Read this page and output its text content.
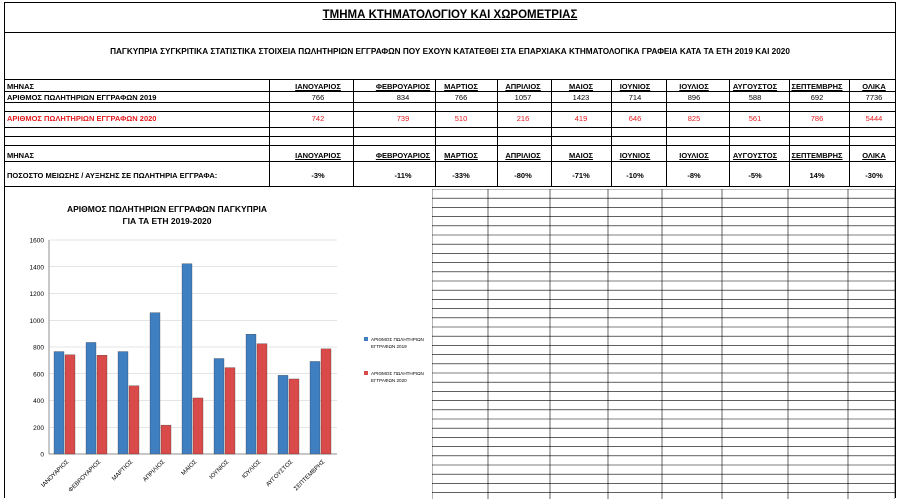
ΤΜΗΜΑ ΚΤΗΜΑΤΟΛΟΓΙΟΥ ΚΑΙ ΧΩΡΟΜΕΤΡΙΑΣ
ΠΑΓΚΥΠΡΙΑ ΣΥΓΚΡΙΤΙΚΑ ΣΤΑΤΙΣΤΙΚΑ ΣΤΟΙΧΕΙΑ ΠΩΛΗΤΗΡΙΩΝ ΕΓΓΡΑΦΩΝ ΠΟΥ ΕΧΟΥΝ ΚΑΤΑΤΕΘΕΙ ΣΤΑ ΕΠΑΡΧΙΑΚΑ ΚΤΗΜΑΤΟΛΟΓΙΚΑ ΓΡΑΦΕΙΑ ΚΑΤΑ ΤΑ ΕΤΗ 2019 ΚΑΙ 2020
ΙΑΝΟΥΑΡΙΟΣ
ΙΑΝΟΥΑΡΙΟΣ
766
742
-3%
ΦΕΒΡΟΥΑΡΙΟΣ
ΦΕΒΡΟΥΑΡΙΟΣ
834
739
-11%
ΜΑΡΤΙΟΣ
ΜΑΡΤΙΟΣ
766
510
-33%
ΑΠΡΙΛΙΟΣ
ΑΠΡΙΛΙΟΣ
1057
216
-80%
ΜΑΙΟΣ
ΜΑΙΟΣ
1423
419
-71%
ΙΟΥΝΙΟΣ
ΙΟΥΝΙΟΣ
714
646
-10%
ΙΟΥΛΙΟΣ
ΙΟΥΛΙΟΣ
896
825
-8%
ΑΥΓΟΥΣΤΟΣ
ΑΥΓΟΥΣΤΟΣ
588
561
-5%
ΣΕΠΤΕΜΒΡΗΣ
ΣΕΠΤΕΜΒΡΗΣ
692
786
14%
ΟΛΙΚΑ
ΟΛΙΚΑ
7736
5444
-30%
ΜΗΝΑΣ
ΑΡΙΘΜΟΣ ΠΩΛΗΤΗΡΙΩΝ ΕΓΓΡΑΦΩΝ 2019
ΑΡΙΘΜΟΣ ΠΩΛΗΤΗΡΙΩΝ ΕΓΓΡΑΦΩΝ 2020
ΜΗΝΑΣ
ΠΟΣΟΣΤΟ ΜΕΙΩΣΗΣ / ΑΥΞΗΣΗΣ ΣΕ ΠΩΛΗΤΗΡΙΑ ΕΓΓΡΑΦΑ:
ΑΡΙΘΜΟΣ ΠΩΛΗΤΗΡΙΩΝ ΕΓΓΡΑΦΩΝ ΠΑΓΚΥΠΡΙΑ
ΓΙΑ ΤΑ ΕΤΗ 2019-2020
0
200
400
600
800
1000
1200
1400
1600
ΙΑΝΟΥΑΡΙΟΣ
ΦΕΒΡΟΥΑΡΙΟΣ ΜΑΡΤΙΟΣ ΑΠΡΙΛΙΟΣ ΜΑΙΟΣ ΙΟΥΝΙΟΣ ΙΟΥΛΙΟΣ ΑΥΓΟΥΣΤΟΣ
ΣΕΠΤΕΜΒΡΗΣ
ΑΡΙΘΜΟΣ ΠΩΛΗΤΗΡΙΩΝ ΕΓΓΡΑΦΩΝ 2019
ΑΡΙΘΜΟΣ ΠΩΛΗΤΗΡΙΩΝ ΕΓΓΡΑΦΩΝ 2020
